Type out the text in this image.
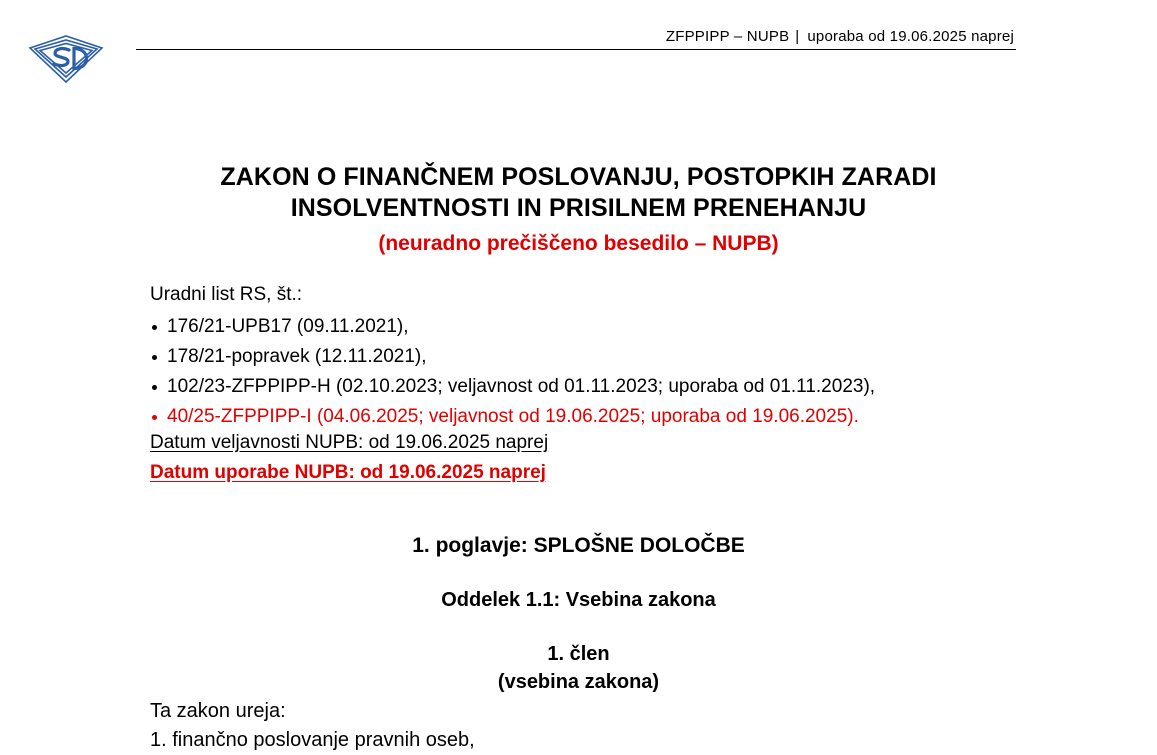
ZFPPIPP – NUPB | uporaba od 19.06.2025 naprej
ZAKON O FINANČNEM POSLOVANJU, POSTOPKIH ZARADI
INSOLVENTNOSTI IN PRISILNEM PRENEHANJU
(neuradno prečiščeno besedilo – NUPB)
Uradni list RS, št.:
176/21-UPB17 (09.11.2021),
178/21-popravek (12.11.2021),
102/23-ZFPPIPP-H (02.10.2023; veljavnost od 01.11.2023; uporaba od 01.11.2023),
40/25-ZFPPIPP-I (04.06.2025; veljavnost od 19.06.2025; uporaba od 19.06.2025).
Datum veljavnosti NUPB: od 19.06.2025 naprej
Datum uporabe NUPB: od 19.06.2025 naprej
1. poglavje: SPLOŠNE DOLOČBE
Oddelek 1.1: Vsebina zakona
1. člen
(vsebina zakona)
Ta zakon ureja:
1. finančno poslovanje pravnih oseb,
